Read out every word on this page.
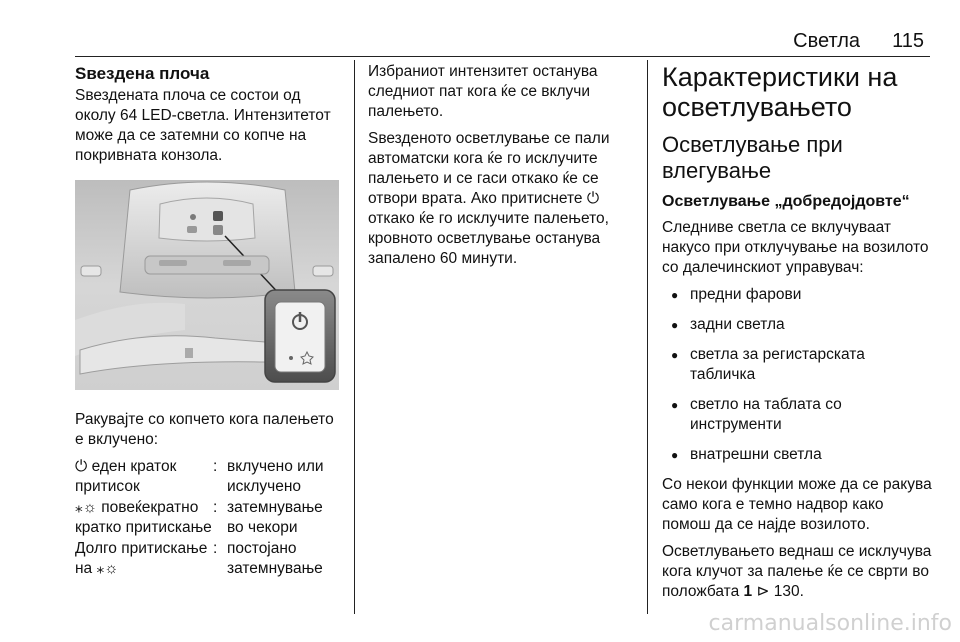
Светла 115
Ѕвездена плоча

Ѕвездената плоча се состои од околу 64 LED-светла. Интензитетот може да се затемни со копче на покривната конзола.

Ракувајте со копчето кога палењето е вклучено:

⏻ еден краток притисок
: вклучено или исклучено
⁎☼ повеќекратно кратко притискање
: затемнување во чекори
Долго притискање на ⁎☼
: постојано затемнување

Избраниот интензитет останува следниот пат кога ќе се вклучи палењето.

Ѕвезденото осветлување се пали автоматски кога ќе го исклучите палењето и се гаси откако ќе се отвори врата. Ако притиснете ⏻ откако ќе го исклучите палењето, кровното осветлување останува запалено 60 минути.

Карактеристики на осветлувањето
Осветлување при влегување
Осветлување „добредојдовте“

Следниве светла се вклучуваат накусо при отклучување на возилото со далечинскиот управувач:

● предни фарови
● задни светла
● светла за регистарската табличка
● светло на таблата со инструменти
● внатрешни светла

Со некои функции може да се ракува само кога е темно надвор како помош да се најде возилото.

Осветлувањето веднаш се исклучува кога клучот за палење ќе се сврти во положбата 1 ⊳ 130.

carmanualsonline.info
